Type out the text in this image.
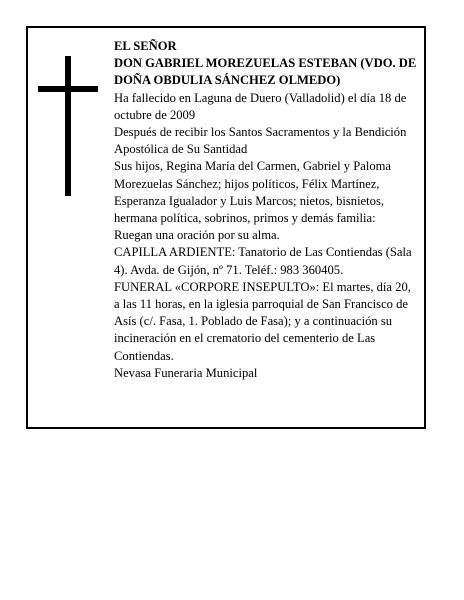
EL SEÑOR

DON GABRIEL MOREZUELAS ESTEBAN (VDO. DE DOÑA OBDULIA SÁNCHEZ OLMEDO)

Ha fallecido en Laguna de Duero (Valladolid) el día 18 de octubre de 2009

Después de recibir los Santos Sacramentos y la Bendición Apostólica de Su Santidad

Sus hijos, Regina María del Carmen, Gabriel y Paloma Morezuelas Sánchez; hijos políticos, Félix Martínez, Esperanza Igualador y Luis Marcos; nietos, bisnietos, hermana política, sobrinos, primos y demás familia:

Ruegan una oración por su alma.

CAPILLA ARDIENTE: Tanatorio de Las Contiendas (Sala 4). Avda. de Gijón, nº 71. Teléf.: 983 360405.

FUNERAL «CORPORE INSEPULTO»: El martes, día 20, a las 11 horas, en la iglesia parroquial de San Francisco de Asís (c/. Fasa, 1. Poblado de Fasa); y a continuación su incineración en el crematorio del cementerio de Las Contiendas.

Nevasa Funeraria Municipal
